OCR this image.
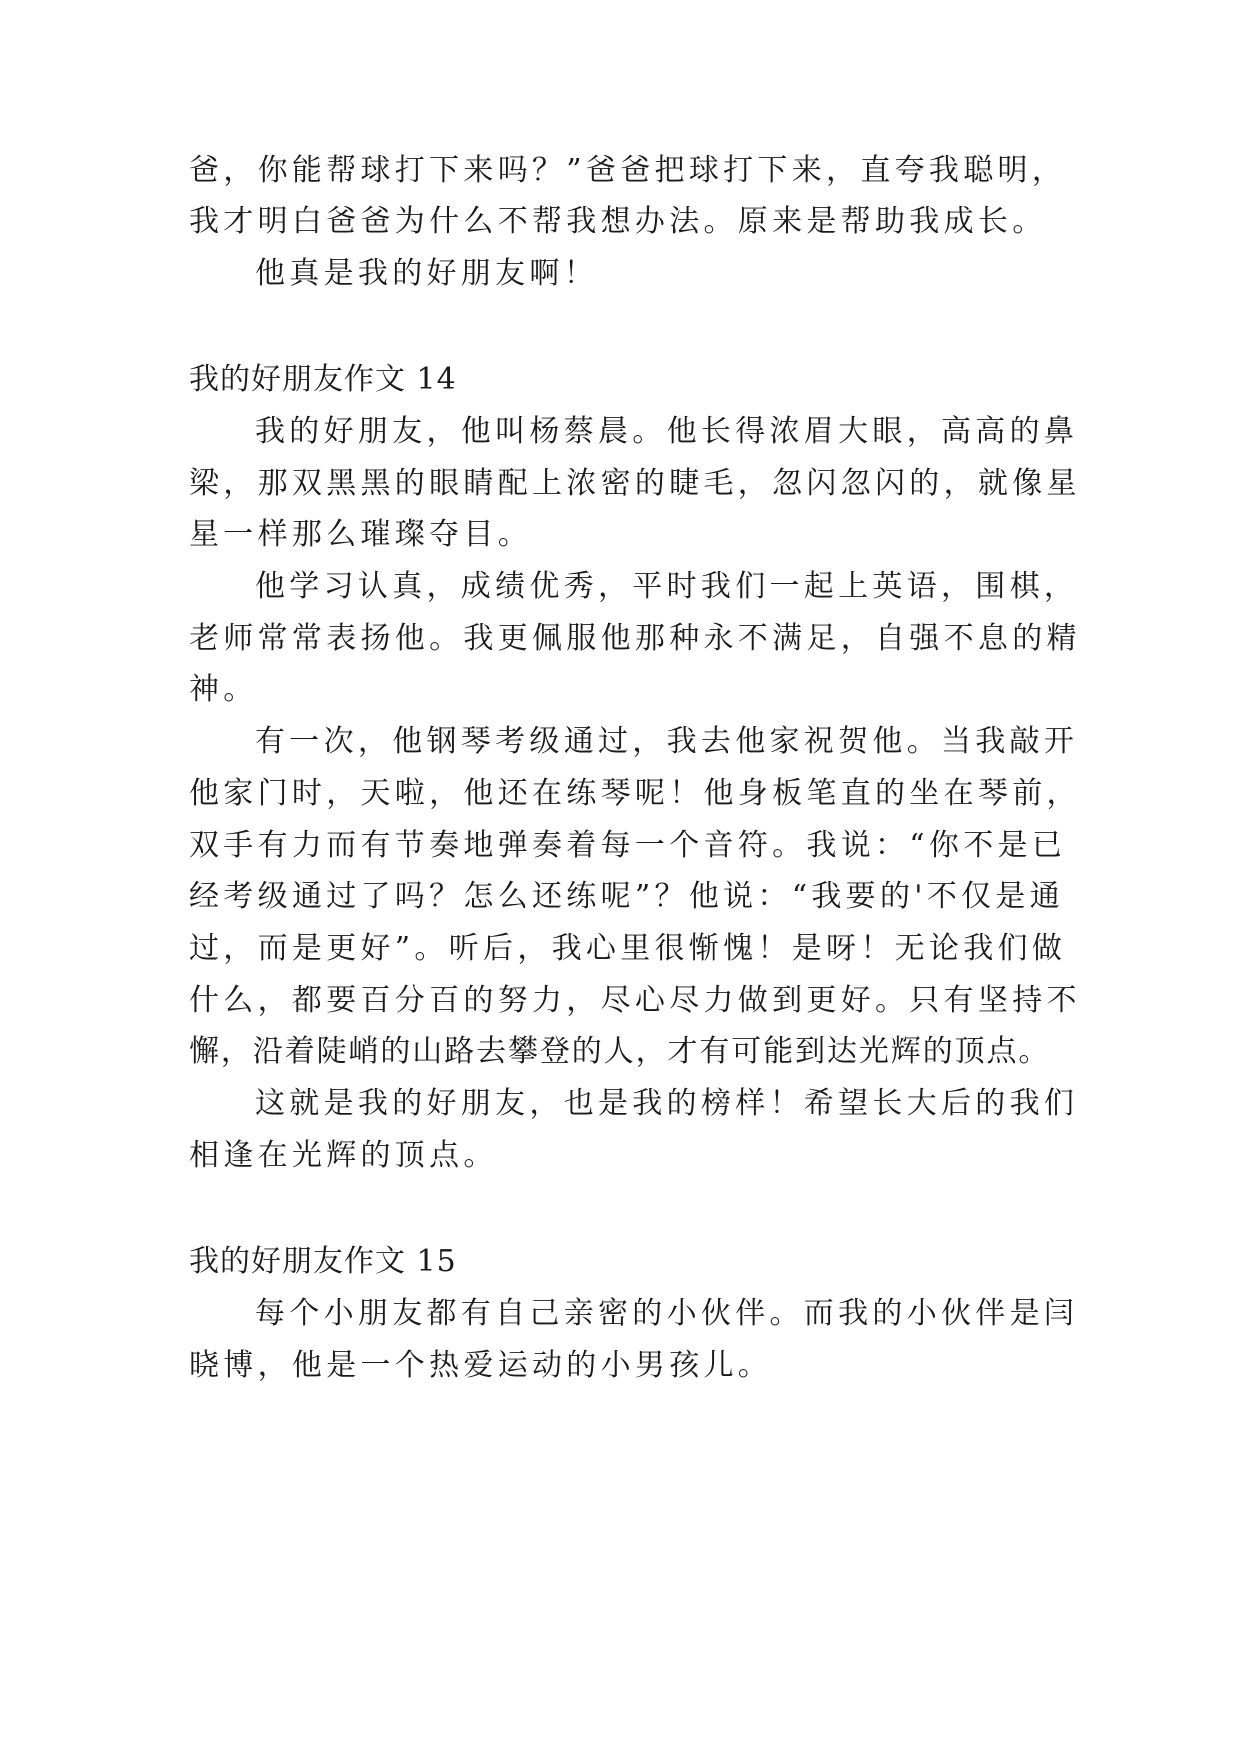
爸，你能帮球打下来吗？”爸爸把球打下来，直夸我聪明，

我才明白爸爸为什么不帮我想办法。原来是帮助我成长。

他真是我的好朋友啊！

我的好朋友作文 14

我的好朋友，他叫杨蔡晨。他长得浓眉大眼，高高的鼻

梁，那双黑黑的眼睛配上浓密的睫毛，忽闪忽闪的，就像星

星一样那么璀璨夺目。

他学习认真，成绩优秀，平时我们一起上英语，围棋，

老师常常表扬他。我更佩服他那种永不满足，自强不息的精

神。

有一次，他钢琴考级通过，我去他家祝贺他。当我敲开

他家门时，天啦，他还在练琴呢！他身板笔直的坐在琴前，

双手有力而有节奏地弹奏着每一个音符。我说：“你不是已

经考级通过了吗？怎么还练呢”？他说：“我要的'不仅是通

过，而是更好”。听后，我心里很惭愧！是呀！无论我们做

什么，都要百分百的努力，尽心尽力做到更好。只有坚持不

懈，沿着陡峭的山路去攀登的人，才有可能到达光辉的顶点。

这就是我的好朋友，也是我的榜样！希望长大后的我们

相逢在光辉的顶点。

我的好朋友作文 15

每个小朋友都有自己亲密的小伙伴。而我的小伙伴是闫

晓博，他是一个热爱运动的小男孩儿。
